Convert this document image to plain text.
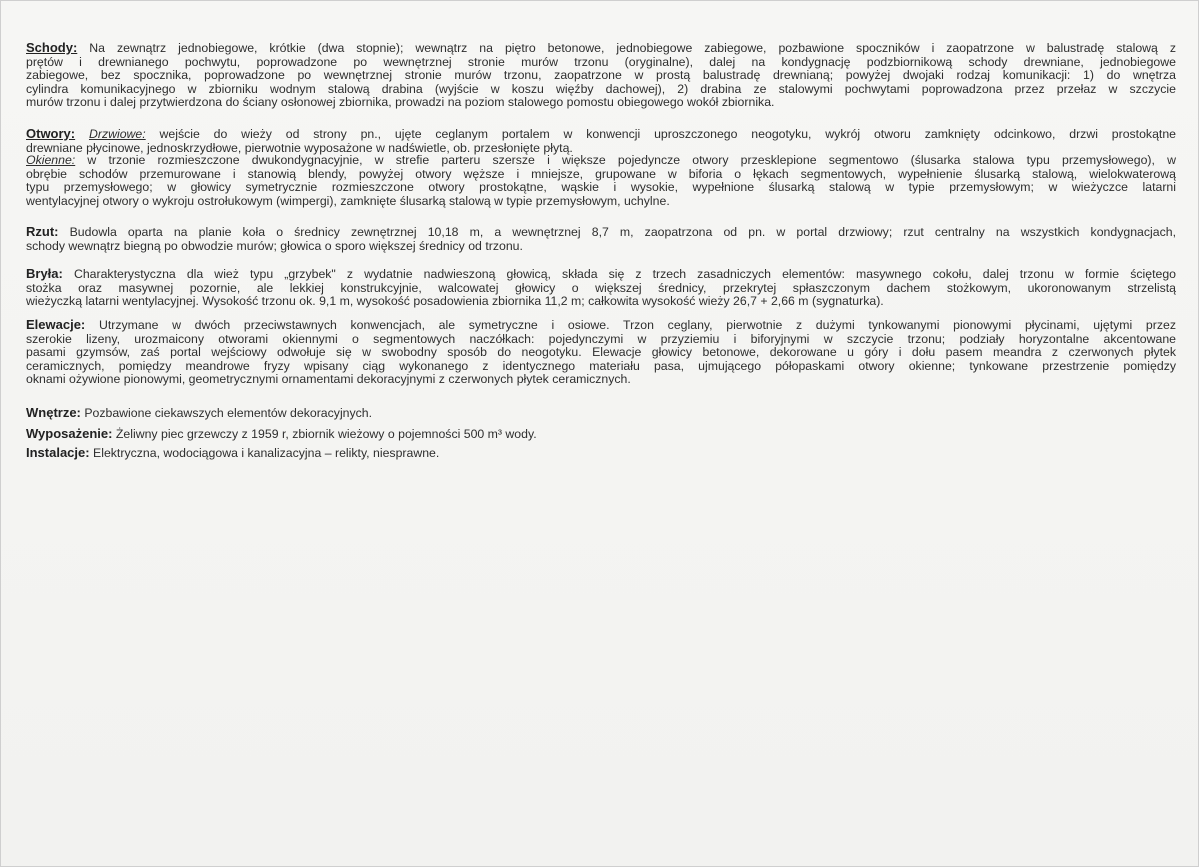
Schody: Na zewnątrz jednobiegowe, krótkie (dwa stopnie); wewnątrz na piętro betonowe, jednobiegowe zabiegowe, pozbawione spoczników i zaopatrzone w balustradę stalową z
prętów i drewnianego pochwytu, poprowadzone po wewnętrznej stronie murów trzonu (oryginalne), dalej na kondygnację podzbiornikową schody drewniane, jednobiegowe
zabiegowe, bez spocznika, poprowadzone po wewnętrznej stronie murów trzonu, zaopatrzone w prostą balustradę drewnianą; powyżej dwojaki rodzaj komunikacji: 1) do wnętrza
cylindra komunikacyjnego w zbiorniku wodnym stalową drabina (wyjście w koszu więźby dachowej), 2) drabina ze stalowymi pochwytami poprowadzona przez przełaz w szczycie
murów trzonu i dalej przytwierdzona do ściany osłonowej zbiornika, prowadzi na poziom stalowego pomostu obiegowego wokół zbiornika.
Otwory: Drzwiowe: wejście do wieży od strony pn., ujęte ceglanym portalem w konwencji uproszczonego neogotyku, wykrój otworu zamknięty odcinkowo, drzwi prostokątne
drewniane płycinowe, jednoskrzydłowe, pierwotnie wyposażone w nadświetle, ob. przesłonięte płytą.
Okienne: w trzonie rozmieszczone dwukondygnacyjnie, w strefie parteru szersze i większe pojedyncze otwory przesklepione segmentowo (ślusarka stalowa typu przemysłowego), w
obrębie schodów przemurowane i stanowią blendy, powyżej otwory węższe i mniejsze, grupowane w biforia o łękach segmentowych, wypełnienie ślusarką stalową, wielokwaterową
typu przemysłowego; w głowicy symetrycznie rozmieszczone otwory prostokątne, wąskie i wysokie, wypełnione ślusarką stalową w typie przemysłowym; w wieżyczce latarni
wentylacyjnej otwory o wykroju ostrołukowym (wimpergi), zamknięte ślusarką stalową w typie przemysłowym, uchylne.
Rzut: Budowla oparta na planie koła o średnicy zewnętrznej 10,18 m, a wewnętrznej 8,7 m, zaopatrzona od pn. w portal drzwiowy; rzut centralny na wszystkich kondygnacjach,
schody wewnątrz biegną po obwodzie murów; głowica o sporo większej średnicy od trzonu.
Bryła: Charakterystyczna dla wież typu „grzybek" z wydatnie nadwieszoną głowicą, składa się z trzech zasadniczych elementów: masywnego cokołu, dalej trzonu w formie ściętego
stożka oraz masywnej pozornie, ale lekkiej konstrukcyjnie, walcowatej głowicy o większej średnicy, przekrytej spłaszczonym dachem stożkowym, ukoronowanym strzelistą
wieżyczką latarni wentylacyjnej. Wysokość trzonu ok. 9,1 m, wysokość posadowienia zbiornika 11,2 m; całkowita wysokość wieży 26,7 + 2,66 m (sygnaturka).
Elewacje: Utrzymane w dwóch przeciwstawnych konwencjach, ale symetryczne i osiowe. Trzon ceglany, pierwotnie z dużymi tynkowanymi pionowymi płycinami, ujętymi przez
szerokie lizeny, urozmaicony otworami okiennymi o segmentowych naczółkach: pojedynczymi w przyziemiu i biforyjnymi w szczycie trzonu; podziały horyzontalne akcentowane
pasami gzymsów, zaś portal wejściowy odwołuje się w swobodny sposób do neogotyku. Elewacje głowicy betonowe, dekorowane u góry i dołu pasem meandra z czerwonych płytek
ceramicznych, pomiędzy meandrowe fryzy wpisany ciąg wykonanego z identycznego materiału pasa, ujmującego półopaskami otwory okienne; tynkowane przestrzenie pomiędzy
oknami ożywione pionowymi, geometrycznymi ornamentami dekoracyjnymi z czerwonych płytek ceramicznych.
Wnętrze: Pozbawione ciekawszych elementów dekoracyjnych.
Wyposażenie: Żeliwny piec grzewczy z 1959 r, zbiornik wieżowy o pojemności 500 m³ wody.
Instalacje: Elektryczna, wodociągowa i kanalizacyjna – relikty, niesprawne.
